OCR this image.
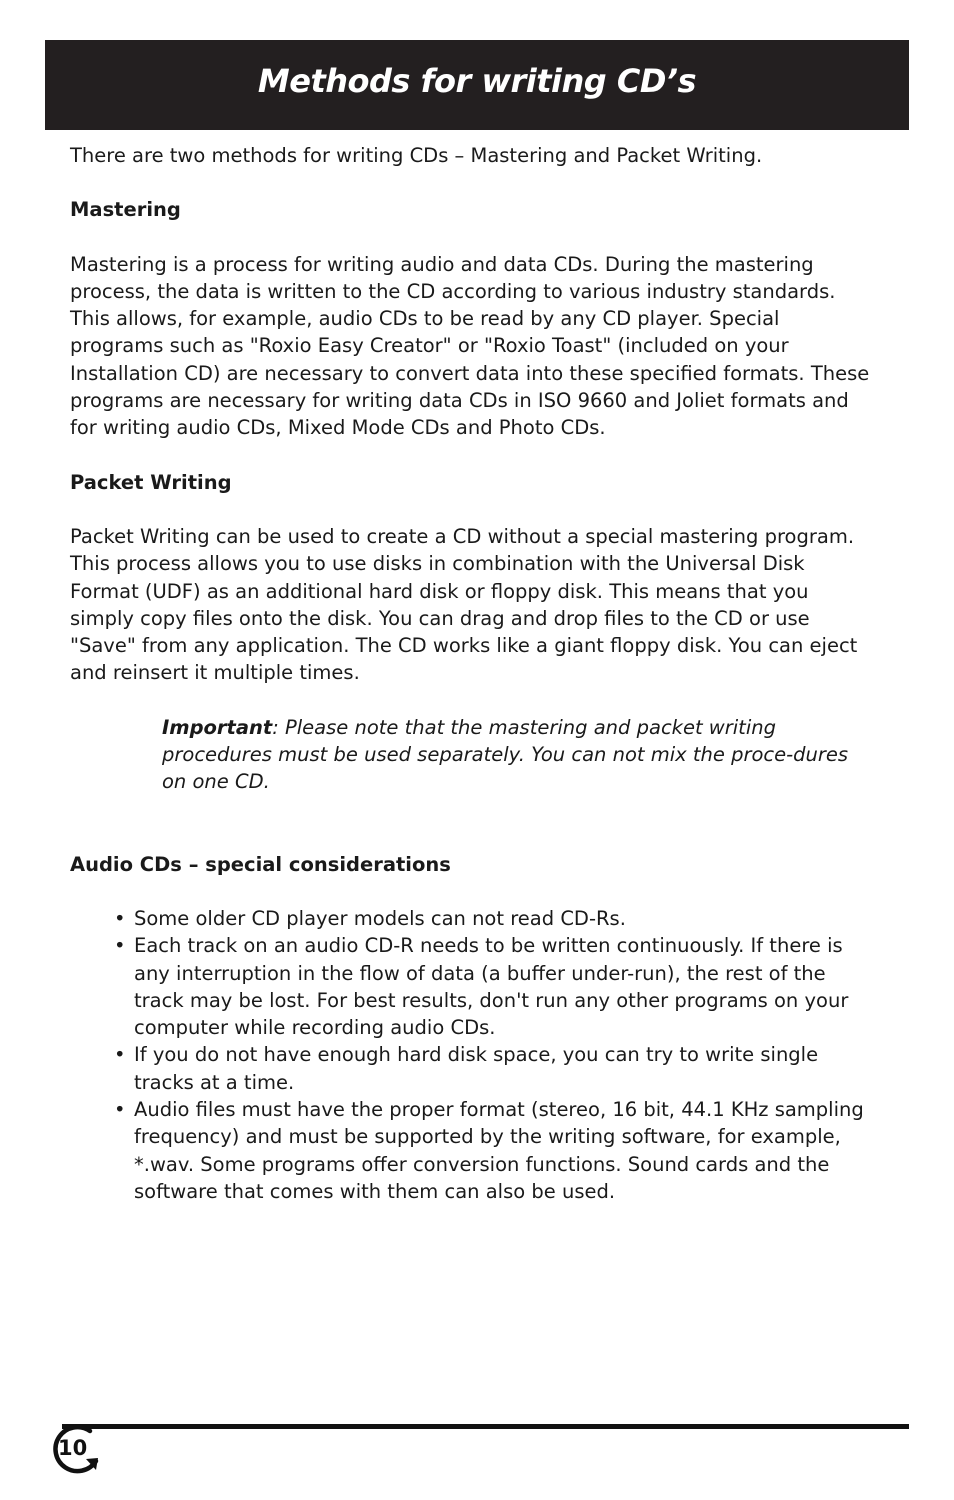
Methods for writing CD’s

There are two methods for writing CDs – Mastering and Packet Writing.

Mastering

Mastering is a process for writing audio and data CDs. During the mastering process, the data is written to the CD according to various industry standards. This allows, for example, audio CDs to be read by any CD player. Special programs such as "Roxio Easy Creator" or "Roxio Toast" (included on your Installation CD) are necessary to convert data into these specified formats. These programs are necessary for writing data CDs in ISO 9660 and Joliet formats and for writing audio CDs, Mixed Mode CDs and Photo CDs.

Packet Writing

Packet Writing can be used to create a CD without a special mastering program. This process allows you to use disks in combination with the Universal Disk Format (UDF) as an additional hard disk or floppy disk. This means that you simply copy files onto the disk. You can drag and drop files to the CD or use "Save" from any application. The CD works like a giant floppy disk. You can eject and reinsert it multiple times.

Important: Please note that the mastering and packet writing procedures must be used separately. You can not mix the proce-dures on one CD.

Audio CDs – special considerations
• Some older CD player models can not read CD-Rs.
• Each track on an audio CD-R needs to be written continuously. If there is any interruption in the flow of data (a buffer under-run), the rest of the track may be lost. For best results, don't run any other programs on your computer while recording audio CDs.
• If you do not have enough hard disk space, you can try to write single tracks at a time.
• Audio files must have the proper format (stereo, 16 bit, 44.1 KHz sampling frequency) and must be supported by the writing software, for example, *.wav. Some programs offer conversion functions. Sound cards and the software that comes with them can also be used.
10
